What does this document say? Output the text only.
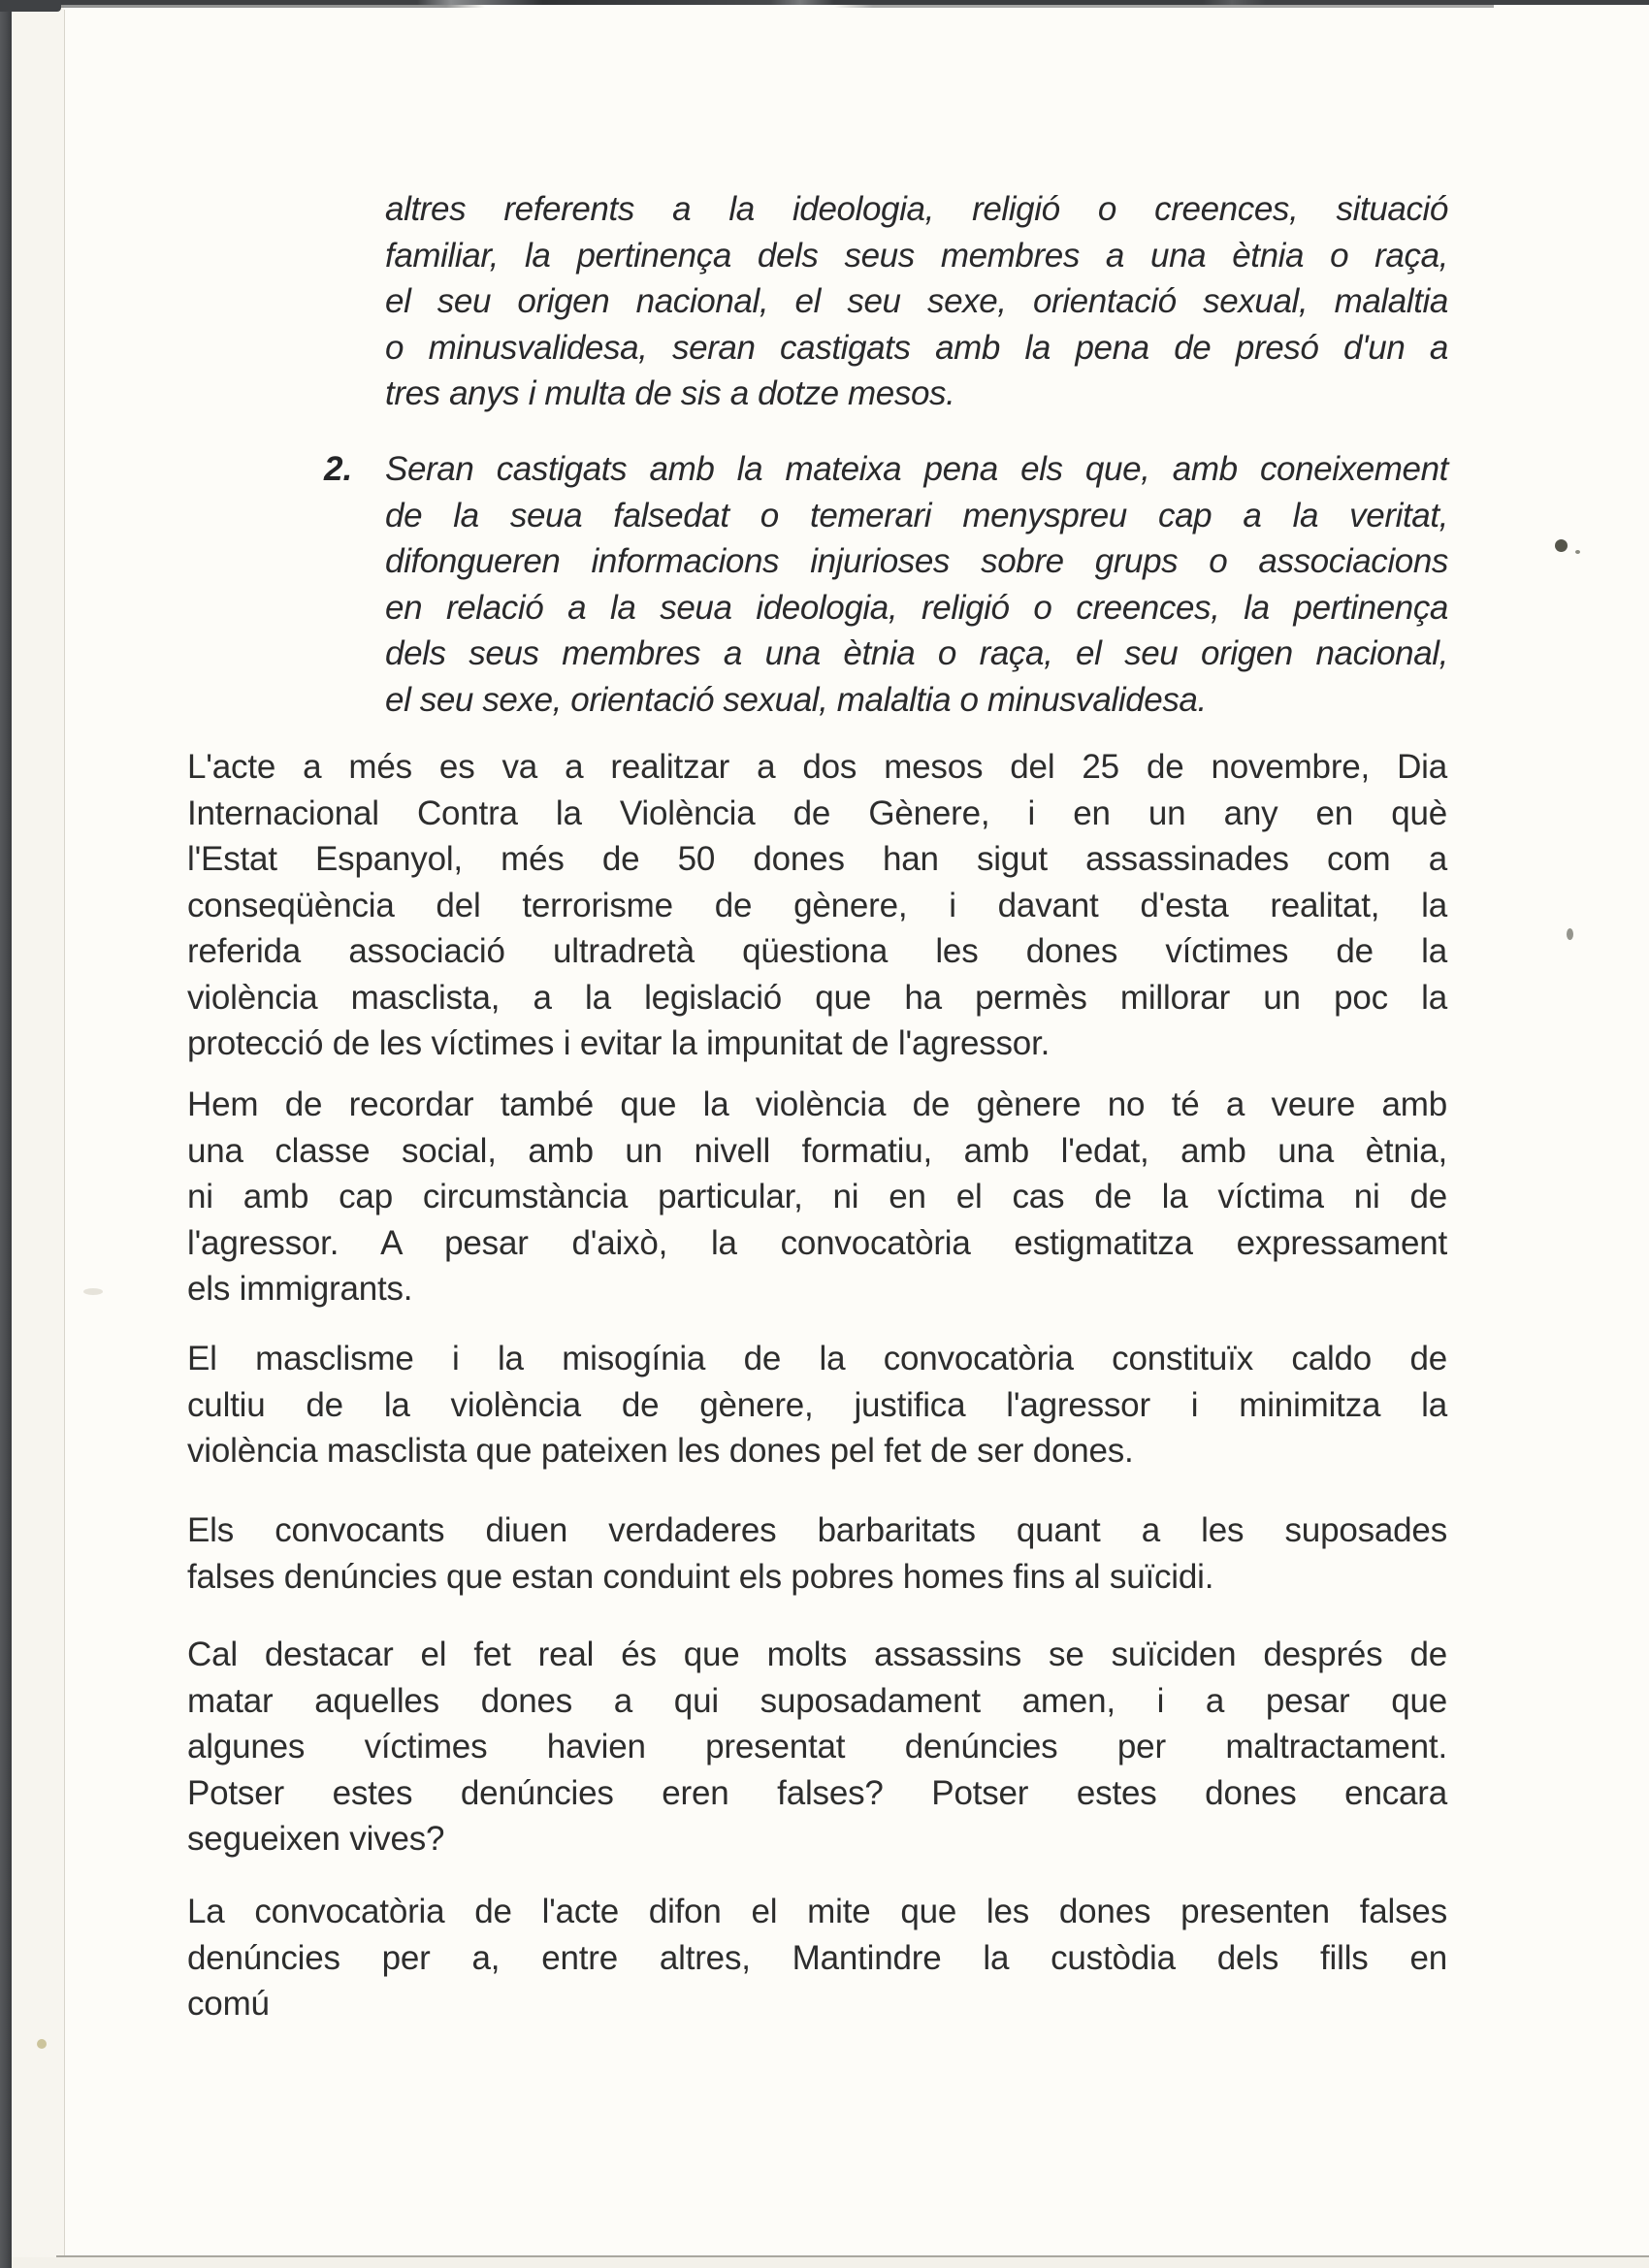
altres referents a la ideologia, religió o creences, situació
familiar, la pertinença dels seus membres a una ètnia o raça,
el seu origen nacional, el seu sexe, orientació sexual, malaltia
o minusvalidesa, seran castigats amb la pena de presó d'un a
tres anys i multa de sis a dotze mesos.
2. Seran castigats amb la mateixa pena els que, amb coneixement
de la seua falsedat o temerari menyspreu cap a la veritat,
difongueren informacions injurioses sobre grups o associacions
en relació a la seua ideologia, religió o creences, la pertinença
dels seus membres a una ètnia o raça, el seu origen nacional,
el seu sexe, orientació sexual, malaltia o minusvalidesa.
L'acte a més es va a realitzar a dos mesos del 25 de novembre, Dia
Internacional Contra la Violència de Gènere, i en un any en què
l'Estat Espanyol, més de 50 dones han sigut assassinades com a
conseqüència del terrorisme de gènere, i davant d'esta realitat, la
referida associació ultradretà qüestiona les dones víctimes de la
violència masclista, a la legislació que ha permès millorar un poc la
protecció de les víctimes i evitar la impunitat de l'agressor.
Hem de recordar també que la violència de gènere no té a veure amb
una classe social, amb un nivell formatiu, amb l'edat, amb una ètnia,
ni amb cap circumstància particular, ni en el cas de la víctima ni de
l'agressor. A pesar d'això, la convocatòria estigmatitza expressament
els immigrants.
El masclisme i la misogínia de la convocatòria constituïx caldo de
cultiu de la violència de gènere, justifica l'agressor i minimitza la
violència masclista que pateixen les dones pel fet de ser dones.
Els convocants diuen verdaderes barbaritats quant a les suposades
falses denúncies que estan conduint els pobres homes fins al suïcidi.
Cal destacar el fet real és que molts assassins se suïciden després de
matar aquelles dones a qui suposadament amen, i a pesar que
algunes víctimes havien presentat denúncies per maltractament.
Potser estes denúncies eren falses? Potser estes dones encara
segueixen vives?
La convocatòria de l'acte difon el mite que les dones presenten falses
denúncies per a, entre altres, Mantindre la custòdia dels fills en
comú
